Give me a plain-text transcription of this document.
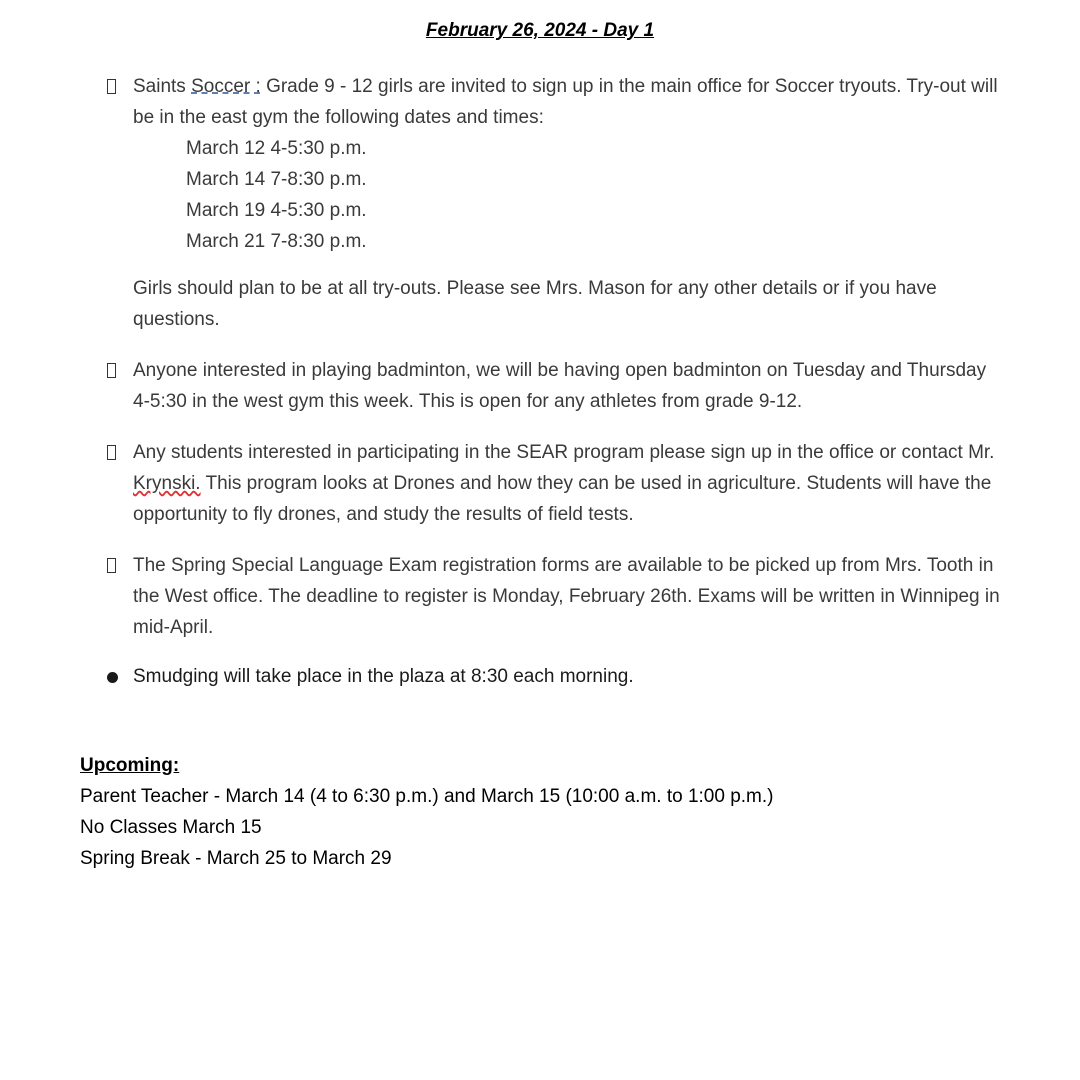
February 26, 2024 - Day 1
Saints Soccer : Grade 9 - 12 girls are invited to sign up in the main office for Soccer tryouts. Try-out will be in the east gym the following dates and times:
March 12 4-5:30 p.m.
March 14 7-8:30 p.m.
March 19 4-5:30 p.m.
March 21 7-8:30 p.m.
Girls should plan to be at all try-outs. Please see Mrs. Mason for any other details or if you have questions.
Anyone interested in playing badminton, we will be having open badminton on Tuesday and Thursday 4-5:30 in the west gym this week. This is open for any athletes from grade 9-12.
Any students interested in participating in the SEAR program please sign up in the office or contact Mr. Krynski. This program looks at Drones and how they can be used in agriculture. Students will have the opportunity to fly drones, and study the results of field tests.
The Spring Special Language Exam registration forms are available to be picked up from Mrs. Tooth in the West office. The deadline to register is Monday, February 26th. Exams will be written in Winnipeg in mid-April.
Smudging will take place in the plaza at 8:30 each morning.
Upcoming:
Parent Teacher - March 14 (4 to 6:30 p.m.) and March 15 (10:00 a.m. to 1:00 p.m.)
No Classes March 15
Spring Break - March 25 to March 29
